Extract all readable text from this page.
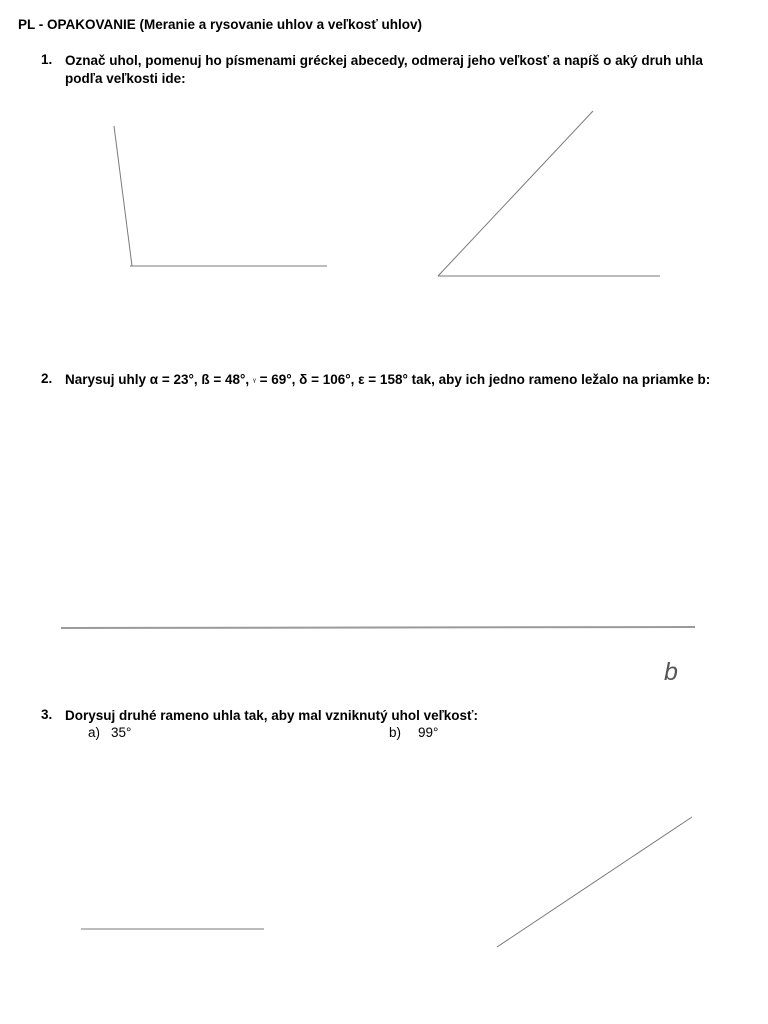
PL - OPAKOVANIE (Meranie a rysovanie uhlov a veľkosť uhlov)
1. Označ uhol, pomenuj ho písmenami gréckej abecedy, odmeraj jeho veľkosť a napíš o aký druh uhla
podľa veľkosti ide:
2. Narysuj uhly α = 23°, ß = 48°, ᵞ = 69°, δ = 106°, ε = 158° tak, aby ich jedno rameno ležalo na priamke b:
b
3. Dorysuj druhé rameno uhla tak, aby mal vzniknutý uhol veľkosť:
a) 35°	b) 99°
